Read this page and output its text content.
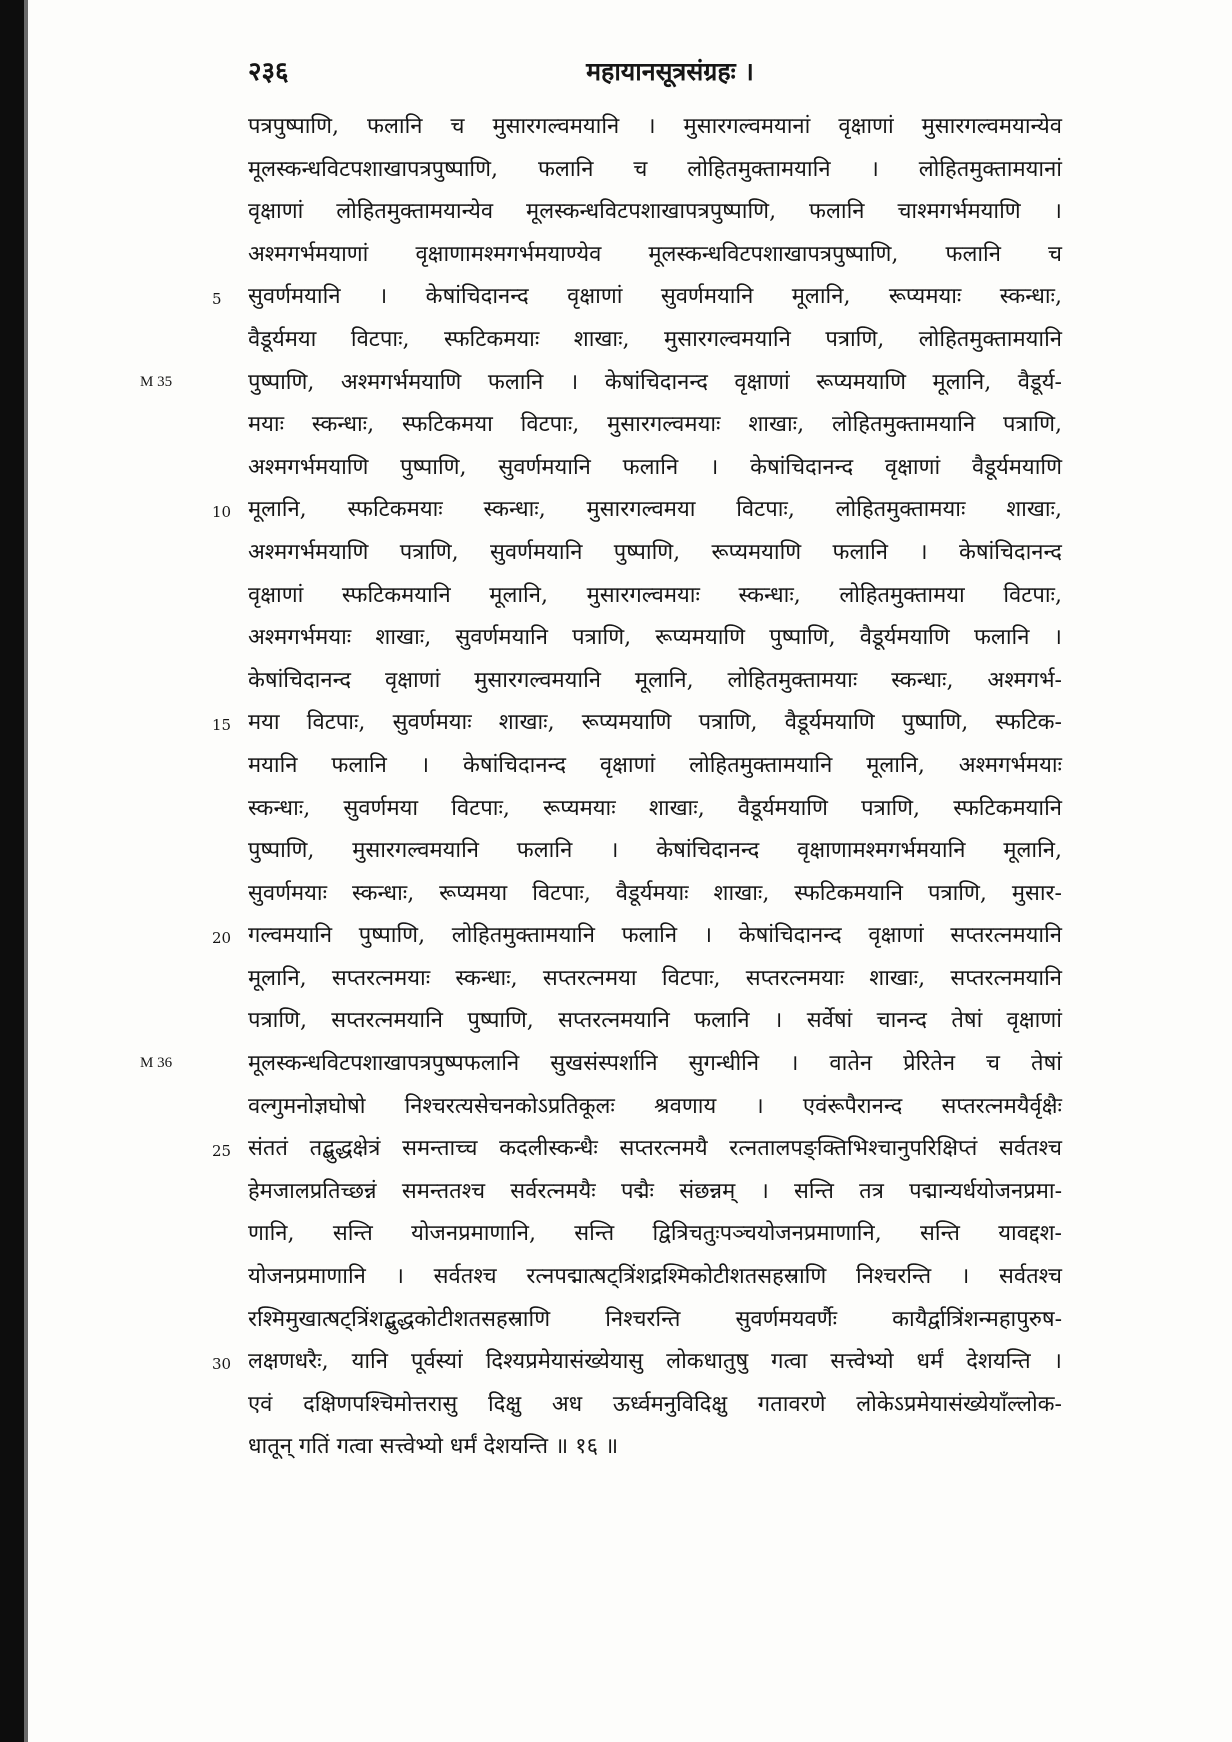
२३६	महायानसूत्रसंग्रहः ।
M 35
M 36
पत्रपुष्पाणि, फलानि च मुसारगल्वमयानि । मुसारगल्वमयानां वृक्षाणां मुसारगल्वमयान्येव
मूलस्कन्धविटपशाखापत्रपुष्पाणि, फलानि च लोहितमुक्तामयानि । लोहितमुक्तामयानां
वृक्षाणां लोहितमुक्तामयान्येव मूलस्कन्धविटपशाखापत्रपुष्पाणि, फलानि चाश्मगर्भमयाणि ।
अश्मगर्भमयाणां वृक्षाणामश्मगर्भमयाण्येव मूलस्कन्धविटपशाखापत्रपुष्पाणि, फलानि च
5	सुवर्णमयानि । केषांचिदानन्द वृक्षाणां सुवर्णमयानि मूलानि, रूप्यमयाः स्कन्धाः,
वैडूर्यमया विटपाः, स्फटिकमयाः शाखाः, मुसारगल्वमयानि पत्राणि, लोहितमुक्तामयानि
पुष्पाणि, अश्मगर्भमयाणि फलानि । केषांचिदानन्द वृक्षाणां रूप्यमयाणि मूलानि, वैडूर्य-
मयाः स्कन्धाः, स्फटिकमया विटपाः, मुसारगल्वमयाः शाखाः, लोहितमुक्तामयानि पत्राणि,
अश्मगर्भमयाणि पुष्पाणि, सुवर्णमयानि फलानि । केषांचिदानन्द वृक्षाणां वैडूर्यमयाणि
10 मूलानि, स्फटिकमयाः स्कन्धाः, मुसारगल्वमया विटपाः, लोहितमुक्तामयाः शाखाः,
अश्मगर्भमयाणि पत्राणि, सुवर्णमयानि पुष्पाणि, रूप्यमयाणि फलानि । केषांचिदानन्द
वृक्षाणां स्फटिकमयानि मूलानि, मुसारगल्वमयाः स्कन्धाः, लोहितमुक्तामया विटपाः,
अश्मगर्भमयाः शाखाः, सुवर्णमयानि पत्राणि, रूप्यमयाणि पुष्पाणि, वैडूर्यमयाणि फलानि ।
केषांचिदानन्द वृक्षाणां मुसारगल्वमयानि मूलानि, लोहितमुक्तामयाः स्कन्धाः, अश्मगर्भ-
15 मया विटपाः, सुवर्णमयाः शाखाः, रूप्यमयाणि पत्राणि, वैडूर्यमयाणि पुष्पाणि, स्फटिक-
मयानि फलानि । केषांचिदानन्द वृक्षाणां लोहितमुक्तामयानि मूलानि, अश्मगर्भमयाः
स्कन्धाः, सुवर्णमया विटपाः, रूप्यमयाः शाखाः, वैडूर्यमयाणि पत्राणि, स्फटिकमयानि
पुष्पाणि, मुसारगल्वमयानि फलानि । केषांचिदानन्द वृक्षाणामश्मगर्भमयानि मूलानि,
सुवर्णमयाः स्कन्धाः, रूप्यमया विटपाः, वैडूर्यमयाः शाखाः, स्फटिकमयानि पत्राणि, मुसार-
20 गल्वमयानि पुष्पाणि, लोहितमुक्तामयानि फलानि । केषांचिदानन्द वृक्षाणां सप्तरत्नमयानि
मूलानि, सप्तरत्नमयाः स्कन्धाः, सप्तरत्नमया विटपाः, सप्तरत्नमयाः शाखाः, सप्तरत्नमयानि
पत्राणि, सप्तरत्नमयानि पुष्पाणि, सप्तरत्नमयानि फलानि । सर्वेषां चानन्द तेषां वृक्षाणां
मूलस्कन्धविटपशाखापत्रपुष्पफलानि सुखसंस्पर्शानि सुगन्धीनि । वातेन प्रेरितेन च तेषां
वल्गुमनोज्ञघोषो निश्चरत्यसेचनकोऽप्रतिकूलः श्रवणाय । एवंरूपैरानन्द सप्तरत्नमयैर्वृक्षैः
25 संततं तद्बुद्धक्षेत्रं समन्ताच्च कदलीस्कन्धैः सप्तरत्नमयै रत्नतालपङ्क्तिभिश्चानुपरिक्षिप्तं सर्वतश्च
हेमजालप्रतिच्छन्नं समन्ततश्च सर्वरत्नमयैः पद्मैः संछन्नम् । सन्ति तत्र पद्मान्यर्धयोजनप्रमा-
णानि, सन्ति योजनप्रमाणानि, सन्ति द्वित्रिचतुःपञ्चयोजनप्रमाणानि, सन्ति यावद्दश-
योजनप्रमाणानि । सर्वतश्च रत्नपद्मात्षट्त्रिंशद्रश्मिकोटीशतसहस्राणि निश्चरन्ति । सर्वतश्च
रश्मिमुखात्षट्त्रिंशद्बुद्धकोटीशतसहस्राणि निश्चरन्ति सुवर्णमयवर्णैः कायैर्द्वात्रिंशन्महापुरुष-
30 लक्षणधरैः, यानि पूर्वस्यां दिश्यप्रमेयासंख्येयासु लोकधातुषु गत्वा सत्त्वेभ्यो धर्मं देशयन्ति ।
एवं दक्षिणपश्चिमोत्तरासु दिक्षु अध ऊर्ध्वमनुविदिक्षु गतावरणे लोकेऽप्रमेयासंख्येयाँल्लोक-
धातून् गतिं गत्वा सत्त्वेभ्यो धर्मं देशयन्ति ॥ १६ ॥
